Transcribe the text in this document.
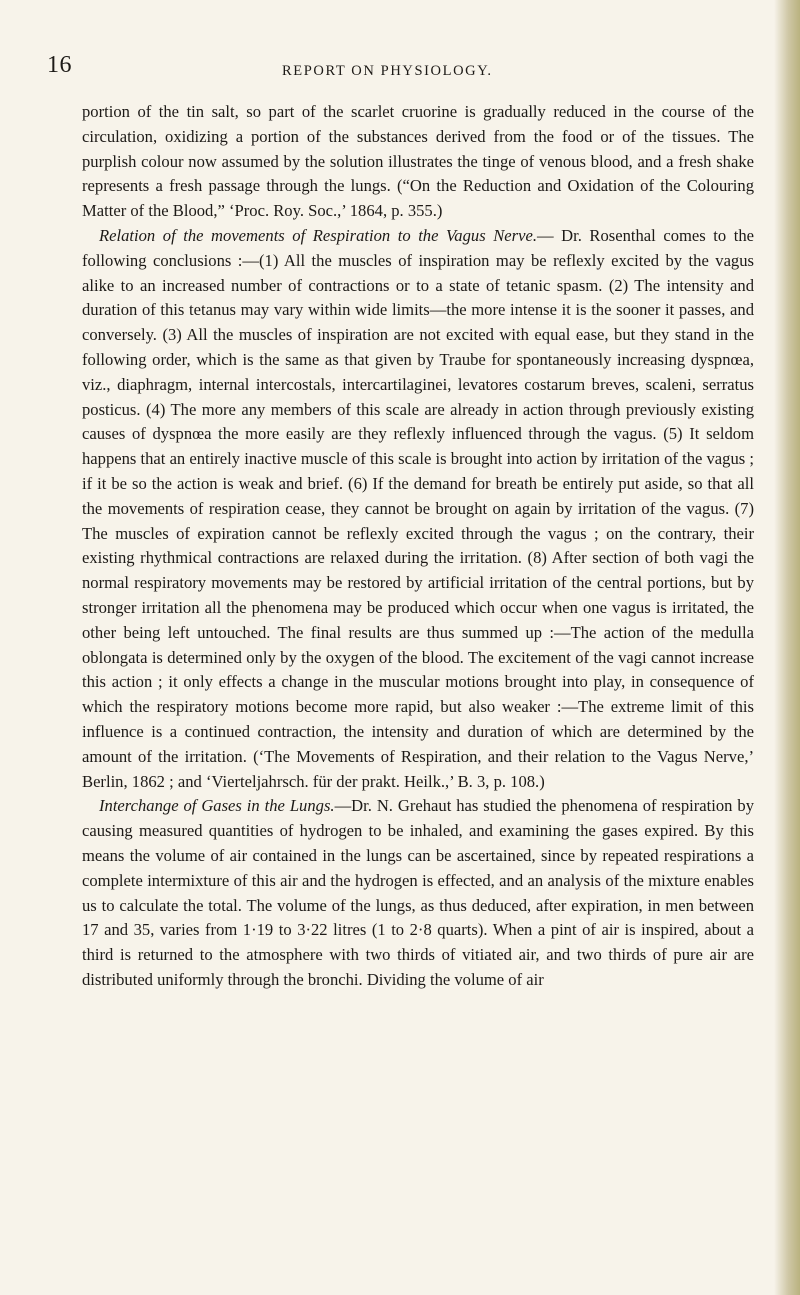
16	REPORT ON PHYSIOLOGY.

portion of the tin salt, so part of the scarlet cruorine is gradually reduced in the course of the circulation, oxidizing a portion of the substances derived from the food or of the tissues. The purplish colour now assumed by the solution illustrates the tinge of venous blood, and a fresh shake represents a fresh passage through the lungs. (“On the Reduction and Oxidation of the Colouring Matter of the Blood,” ‘Proc. Roy. Soc.,’ 1864, p. 355.)

Relation of the movements of Respiration to the Vagus Nerve.— Dr. Rosenthal comes to the following conclusions :—(1) All the muscles of inspiration may be reflexly excited by the vagus alike to an increased number of contractions or to a state of tetanic spasm. (2) The intensity and duration of this tetanus may vary within wide limits—the more intense it is the sooner it passes, and conversely. (3) All the muscles of inspiration are not excited with equal ease, but they stand in the following order, which is the same as that given by Traube for spontaneously increasing dyspnœa, viz., diaphragm, internal intercostals, intercartilaginei, levatores costarum breves, scaleni, serratus posticus. (4) The more any members of this scale are already in action through previously existing causes of dyspnœa the more easily are they reflexly influenced through the vagus. (5) It seldom happens that an entirely inactive muscle of this scale is brought into action by irritation of the vagus ; if it be so the action is weak and brief. (6) If the demand for breath be entirely put aside, so that all the movements of respiration cease, they cannot be brought on again by irritation of the vagus. (7) The muscles of expiration cannot be reflexly excited through the vagus ; on the contrary, their existing rhythmical contractions are relaxed during the irritation. (8) After section of both vagi the normal respiratory movements may be restored by artificial irritation of the central portions, but by stronger irritation all the phenomena may be produced which occur when one vagus is irritated, the other being left untouched. The final results are thus summed up :—The action of the medulla oblongata is determined only by the oxygen of the blood. The excitement of the vagi cannot increase this action ; it only effects a change in the muscular motions brought into play, in consequence of which the respiratory motions become more rapid, but also weaker :—The extreme limit of this influence is a continued contraction, the intensity and duration of which are determined by the amount of the irritation. (‘The Movements of Respiration, and their relation to the Vagus Nerve,’ Berlin, 1862 ; and ‘Vierteljahrsch. für der prakt. Heilk.,’ B. 3, p. 108.)

Interchange of Gases in the Lungs.—Dr. N. Grehaut has studied the phenomena of respiration by causing measured quantities of hydrogen to be inhaled, and examining the gases expired. By this means the volume of air contained in the lungs can be ascertained, since by repeated respirations a complete intermixture of this air and the hydrogen is effected, and an analysis of the mixture enables us to calculate the total. The volume of the lungs, as thus deduced, after expiration, in men between 17 and 35, varies from 1·19 to 3·22 litres (1 to 2·8 quarts). When a pint of air is inspired, about a third is returned to the atmosphere with two thirds of vitiated air, and two thirds of pure air are distributed uniformly through the bronchi. Dividing the volume of air
